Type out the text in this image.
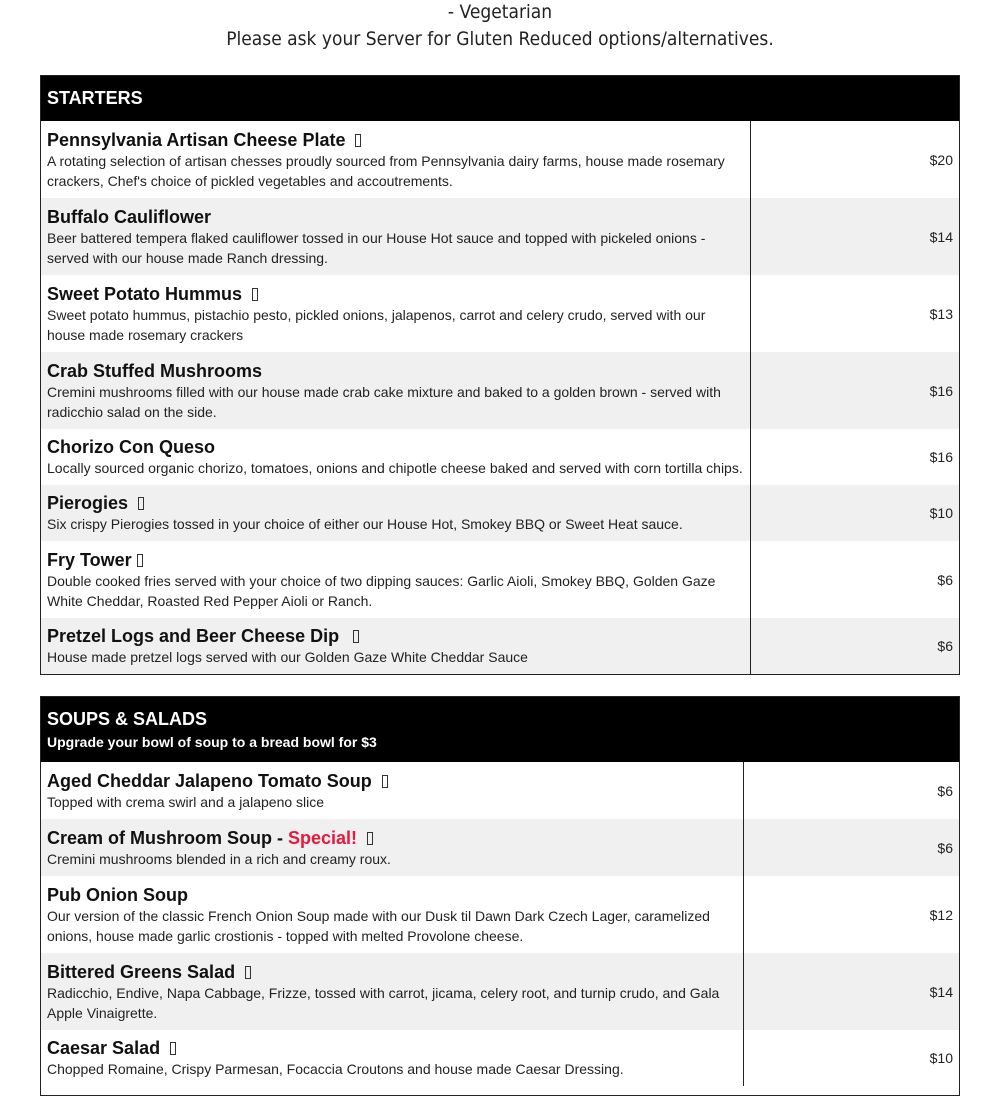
- Vegetarian
Please ask your Server for Gluten Reduced options/alternatives.
STARTERS
Pennsylvania Artisan Cheese Plate
A rotating selection of artisan chesses proudly sourced from Pennsylvania dairy farms, house made rosemary crackers, Chef's choice of pickled vegetables and accoutrements.	$20

Buffalo Cauliflower
Beer battered tempera flaked cauliflower tossed in our House Hot sauce and topped with pickeled onions - served with our house made Ranch dressing.	$14

Sweet Potato Hummus
Sweet potato hummus, pistachio pesto, pickled onions, jalapenos, carrot and celery crudo, served with our house made rosemary crackers	$13

Crab Stuffed Mushrooms
Cremini mushrooms filled with our house made crab cake mixture and baked to a golden brown - served with radicchio salad on the side.	$16

Chorizo Con Queso
Locally sourced organic chorizo, tomatoes, onions and chipotle cheese baked and served with corn tortilla chips.	$16

Pierogies
Six crispy Pierogies tossed in your choice of either our House Hot, Smokey BBQ or Sweet Heat sauce.	$10

Fry Tower
Double cooked fries served with your choice of two dipping sauces: Garlic Aioli, Smokey BBQ, Golden Gaze White Cheddar, Roasted Red Pepper Aioli or Ranch.	$6

Pretzel Logs and Beer Cheese Dip
House made pretzel logs served with our Golden Gaze White Cheddar Sauce	$6
SOUPS & SALADS
Upgrade your bowl of soup to a bread bowl for $3
Aged Cheddar Jalapeno Tomato Soup
Topped with crema swirl and a jalapeno slice	$6

Cream of Mushroom Soup - Special!
Cremini mushrooms blended in a rich and creamy roux.	$6

Pub Onion Soup
Our version of the classic French Onion Soup made with our Dusk til Dawn Dark Czech Lager, caramelized onions, house made garlic crostionis - topped with melted Provolone cheese.	$12

Bittered Greens Salad
Radicchio, Endive, Napa Cabbage, Frizze, tossed with carrot, jicama, celery root, and turnip crudo, and Gala Apple Vinaigrette.	$14

Caesar Salad
Chopped Romaine, Crispy Parmesan, Focaccia Croutons and house made Caesar Dressing.	$10
